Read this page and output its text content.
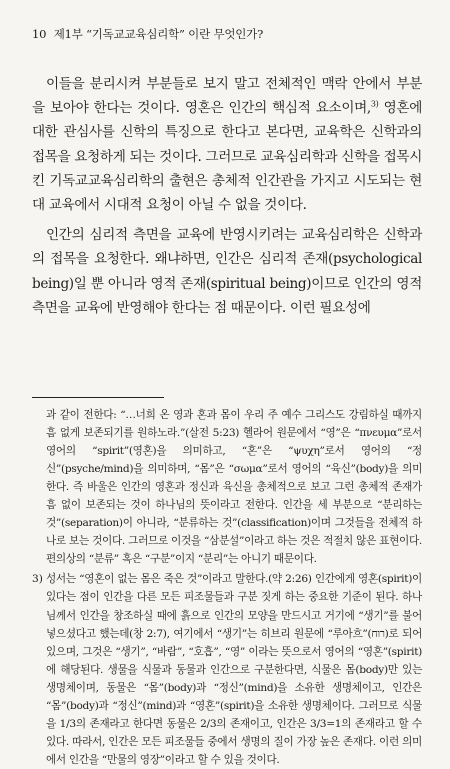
10 제1부 “기독교교육심리학” 이란 무엇인가?

이들을 분리시켜 부분들로 보지 말고 전체적인 맥락 안에서 부분을 보아야 한다는 것이다. 영혼은 인간의 핵심적 요소이며,$^{3)}$ 영혼에 대한 관심사를 신학의 특징으로 한다고 본다면, 교육학은 신학과의 접목을 요청하게 되는 것이다. 그러므로 교육심리학과 신학을 접목시킨 기독교교육심리학의 출현은 총체적 인간관을 가지고 시도되는 현대 교육에서 시대적 요청이 아닐 수 없을 것이다.

인간의 심리적 측면을 교육에 반영시키려는 교육심리학은 신학과의 접목을 요청한다. 왜냐하면, 인간은 심리적 존재(psychological being)일 뿐 아니라 영적 존재(spiritual being)이므로 인간의 영적 측면을 교육에 반영해야 한다는 점 때문이다. 이런 필요성에

과 같이 전한다: “…너희 온 영과 혼과 몸이 우리 주 예수 그리스도 강림하실 때까지 흠 없게 보존되기를 원하노라.”(살전 5:23) 헬라어 원문에서 “영”은 “πνευμα”로서 영어의 “spirit”(영혼)을 의미하고, “혼”은 “ψυχη”로서 영어의 “정신”(psyche/mind)을 의미하며, “몸”은 “σωμα”로서 영어의 “육신”(body)을 의미한다. 즉 바울은 인간의 영혼과 정신과 육신을 총체적으로 보고 그런 총체적 존재가 흠 없이 보존되는 것이 하나님의 뜻이라고 전한다. 인간을 세 부분으로 “분리하는 것”(separation)이 아니라, “분류하는 것”(classification)이며 그것들을 전체적 하나로 보는 것이다. 그러므로 이것을 “삼분설”이라고 하는 것은 적절치 않은 표현이다. 편의상의 “분류” 혹은 “구분”이지 “분리”는 아니기 때문이다.

3) 성서는 “영혼이 없는 몸은 죽은 것”이라고 말한다.(약 2:26) 인간에게 영혼(spirit)이 있다는 점이 인간을 다른 모든 피조물들과 구분 짓게 하는 중요한 기준이 된다. 하나님께서 인간을 창조하실 때에 흙으로 인간의 모양을 만드시고 거기에 “생기”를 불어넣으셨다고 했는데(창 2:7), 여기에서 “생기”는 히브리 원문에 “루아흐”(רוח)로 되어 있으며, 그것은 “생기”, “바람”, “호흡”, “영” 이라는 뜻으로서 영어의 “영혼”(spirit)에 해당된다. 생물을 식물과 동물과 인간으로 구분한다면, 식물은 몸(body)만 있는 생명체이며, 동물은 “몸”(body)과 “정신”(mind)을 소유한 생명체이고, 인간은 “몸”(body)과 “정신”(mind)과 “영혼”(spirit)을 소유한 생명체이다. 그러므로 식물을 1/3의 존재라고 한다면 동물은 2/3의 존재이고, 인간은 3/3=1의 존재라고 할 수 있다. 따라서, 인간은 모든 피조물들 중에서 생명의 질이 가장 높은 존재다. 이런 의미에서 인간을 “만물의 영장”이라고 할 수 있을 것이다.
